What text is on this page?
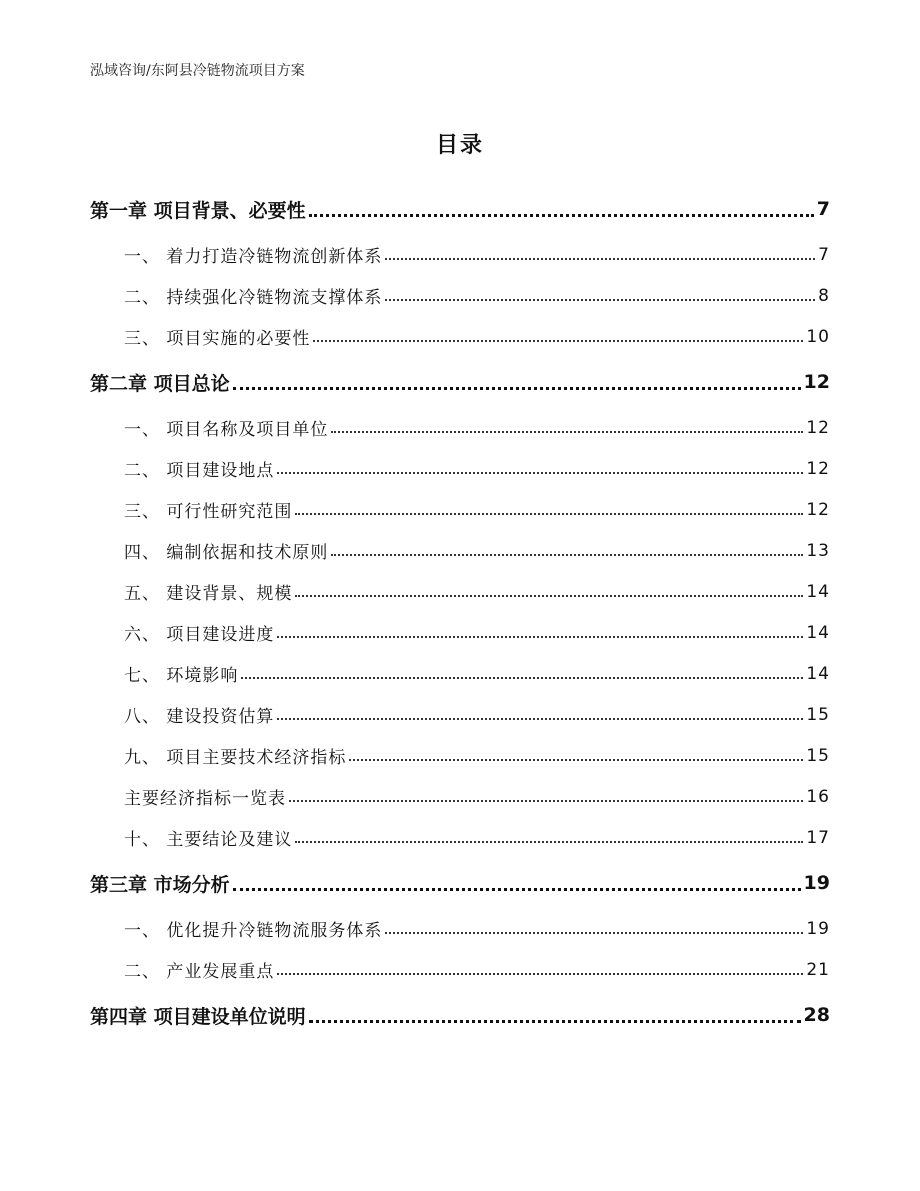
泓域咨询/东阿县冷链物流项目方案
目录
第一章 项目背景、必要性	7
一、 着力打造冷链物流创新体系	7
二、 持续强化冷链物流支撑体系	8
三、 项目实施的必要性	10
第二章 项目总论	12
一、 项目名称及项目单位	12
二、 项目建设地点	12
三、 可行性研究范围	12
四、 编制依据和技术原则	13
五、 建设背景、规模	14
六、 项目建设进度	14
七、 环境影响	14
八、 建设投资估算	15
九、 项目主要技术经济指标	15
主要经济指标一览表	16
十、 主要结论及建议	17
第三章 市场分析	19
一、 优化提升冷链物流服务体系	19
二、 产业发展重点	21
第四章 项目建设单位说明	28
